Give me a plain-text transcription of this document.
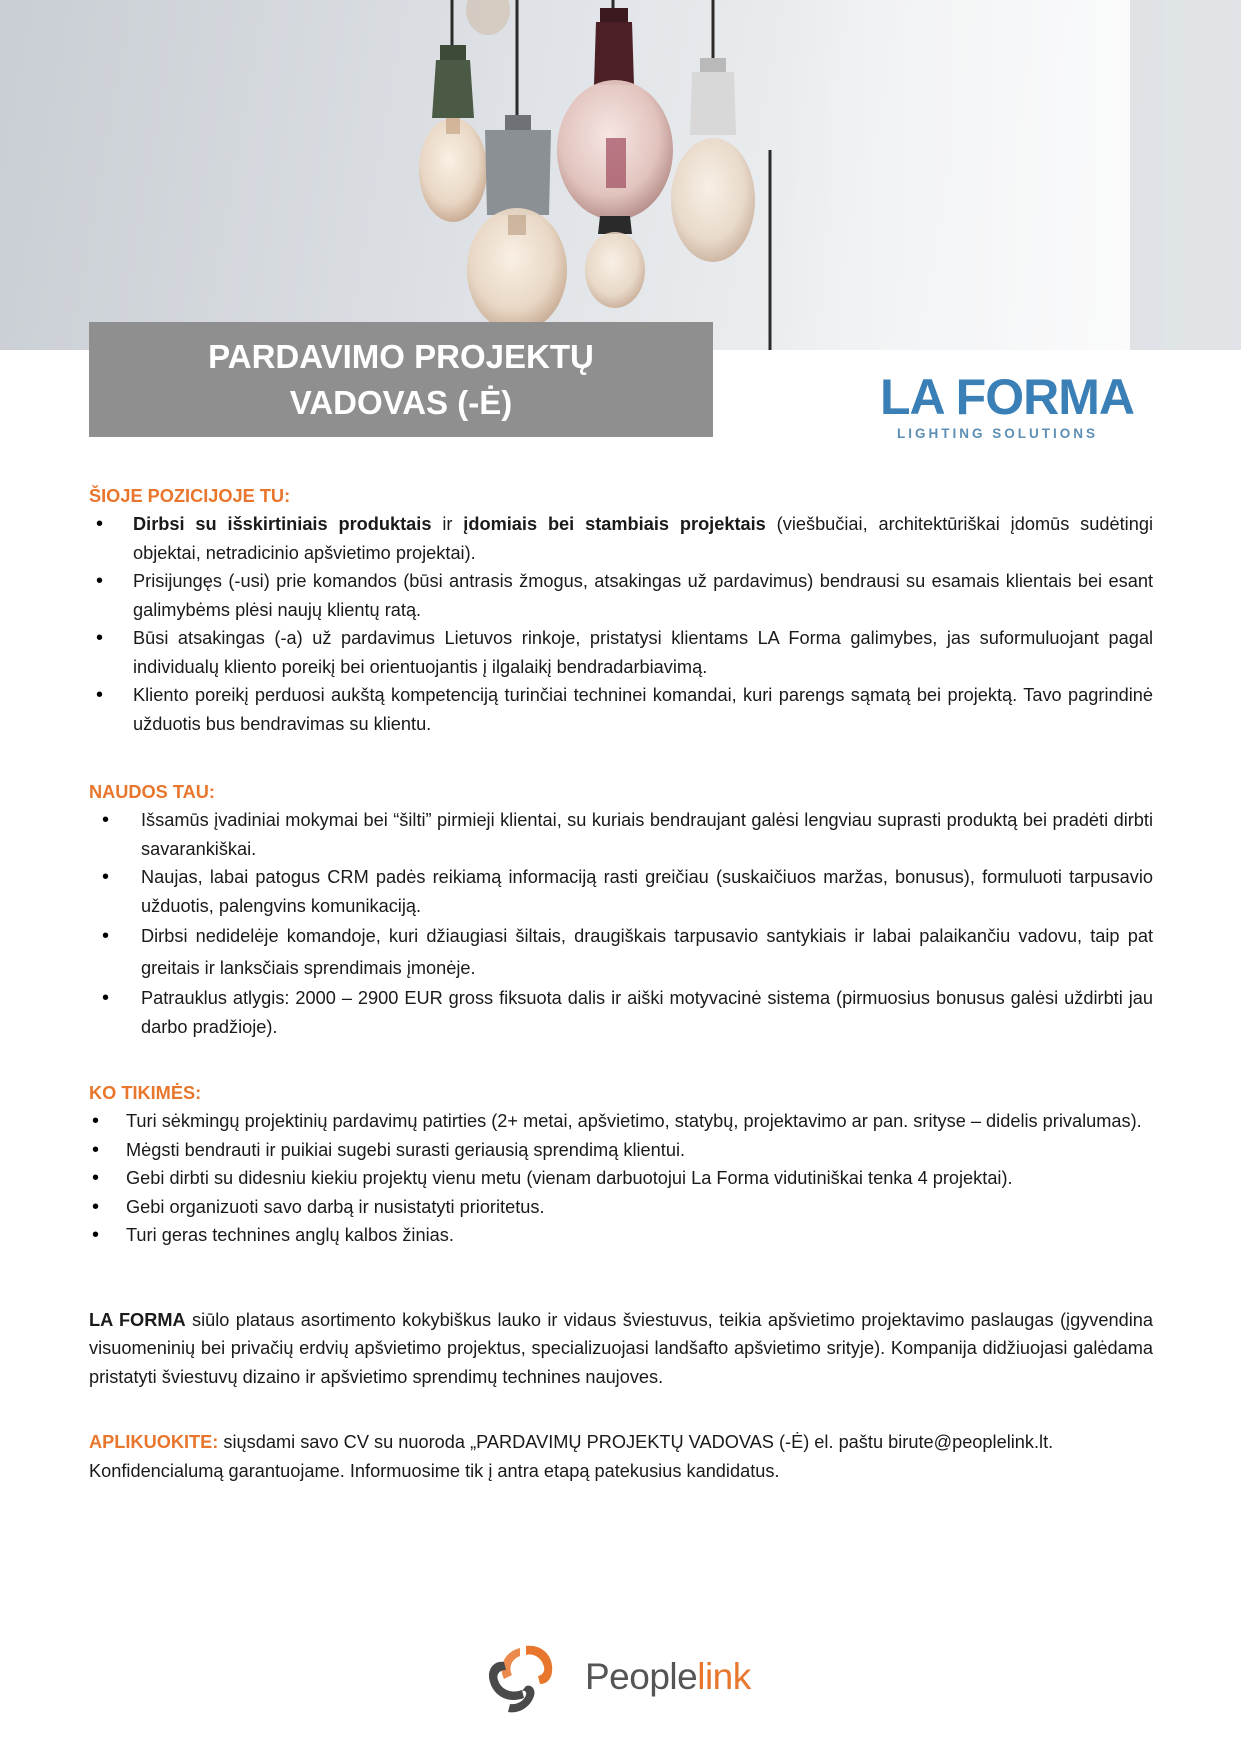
PARDAVIMO PROJEKTŲ
VADOVAS (-Ė)	LA FORMA
LIGHTING SOLUTIONS

ŠIOJE POZICIJOJE TU:

• Dirbsi su išskirtiniais produktais ir įdomiais bei stambiais projektais (viešbučiai, architektūriškai įdomūs sudėtingi objektai, netradicinio apšvietimo projektai).
• Prisijungęs (-usi) prie komandos (būsi antrasis žmogus, atsakingas už pardavimus) bendrausi su esamais klientais bei esant galimybėms plėsi naujų klientų ratą.
• Būsi atsakingas (-a) už pardavimus Lietuvos rinkoje, pristatysi klientams LA Forma galimybes, jas suformuluojant pagal individualų kliento poreikį bei orientuojantis į ilgalaikį bendradarbiavimą.
• Kliento poreikį perduosi aukštą kompetenciją turinčiai techninei komandai, kuri parengs sąmatą bei projektą. Tavo pagrindinė užduotis bus bendravimas su klientu.

NAUDOS TAU:

• Išsamūs įvadiniai mokymai bei “šilti” pirmieji klientai, su kuriais bendraujant galėsi lengviau suprasti produktą bei pradėti dirbti savarankiškai.
• Naujas, labai patogus CRM padės reikiamą informaciją rasti greičiau (suskaičiuos maržas, bonusus), formuluoti tarpusavio užduotis, palengvins komunikaciją.
• Dirbsi nedidelėje komandoje, kuri džiaugiasi šiltais, draugiškais tarpusavio santykiais ir labai palaikančiu vadovu, taip pat greitais ir lanksčiais sprendimais įmonėje.
• Patrauklus atlygis: 2000 – 2900 EUR gross fiksuota dalis ir aiški motyvacinė sistema (pirmuosius bonusus galėsi uždirbti jau darbo pradžioje).

KO TIKIMĖS:

• Turi sėkmingų projektinių pardavimų patirties (2+ metai, apšvietimo, statybų, projektavimo ar pan. srityse – didelis privalumas).
• Mėgsti bendrauti ir puikiai sugebi surasti geriausią sprendimą klientui.
• Gebi dirbti su didesniu kiekiu projektų vienu metu (vienam darbuotojui La Forma vidutiniškai tenka 4 projektai).
• Gebi organizuoti savo darbą ir nusistatyti prioritetus.
• Turi geras technines anglų kalbos žinias.

LA FORMA siūlo plataus asortimento kokybiškus lauko ir vidaus šviestuvus, teikia apšvietimo projektavimo paslaugas (įgyvendina visuomeninių bei privačių erdvių apšvietimo projektus, specializuojasi landšafto apšvietimo srityje). Kompanija didžiuojasi galėdama pristatyti šviestuvų dizaino ir apšvietimo sprendimų technines naujoves.

APLIKUOKITE: siųsdami savo CV su nuoroda „PARDAVIMŲ PROJEKTŲ VADOVAS (-Ė) el. paštu birute@peoplelink.lt. Konfidencialumą garantuojame. Informuosime tik į antra etapą patekusius kandidatus.

Peoplelink
